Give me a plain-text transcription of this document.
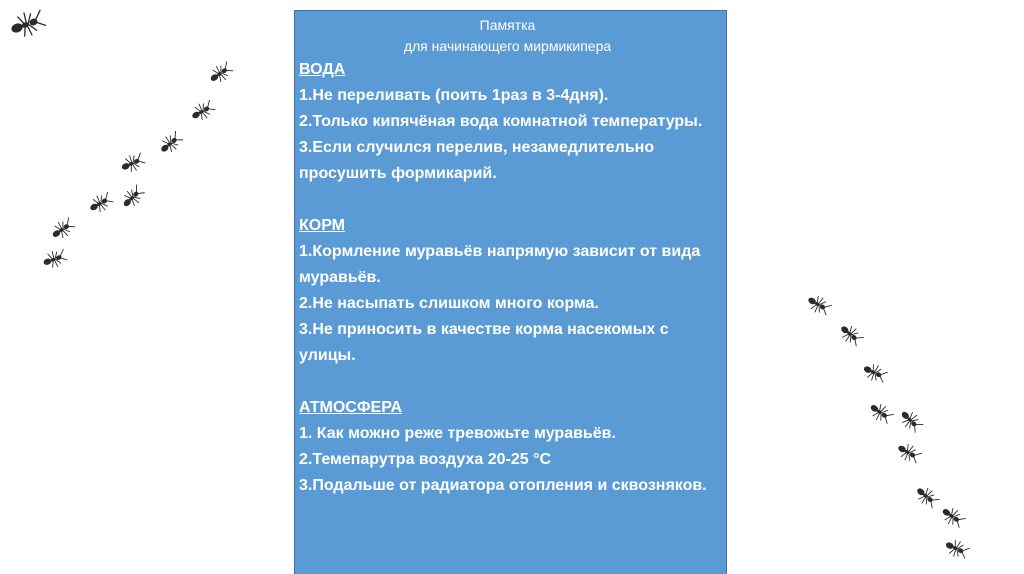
Памятка
для начинающего мирмикипера
ВОДА
1.Не переливать (поить 1раз в 3-4дня).
2.Только кипячёная вода комнатной температуры.
3.Если случился перелив, незамедлительно просушить формикарий.
КОРМ
1.Кормление муравьёв напрямую зависит от вида муравьёв.
2.Не насыпать слишком много корма.
3.Не приносить в качестве корма насекомых с улицы.
АТМОСФЕРА
1. Как можно реже тревожьте муравьёв.
2.Темепарутра воздуха 20-25 °С
3.Подальше от радиатора отопления и сквозняков.
